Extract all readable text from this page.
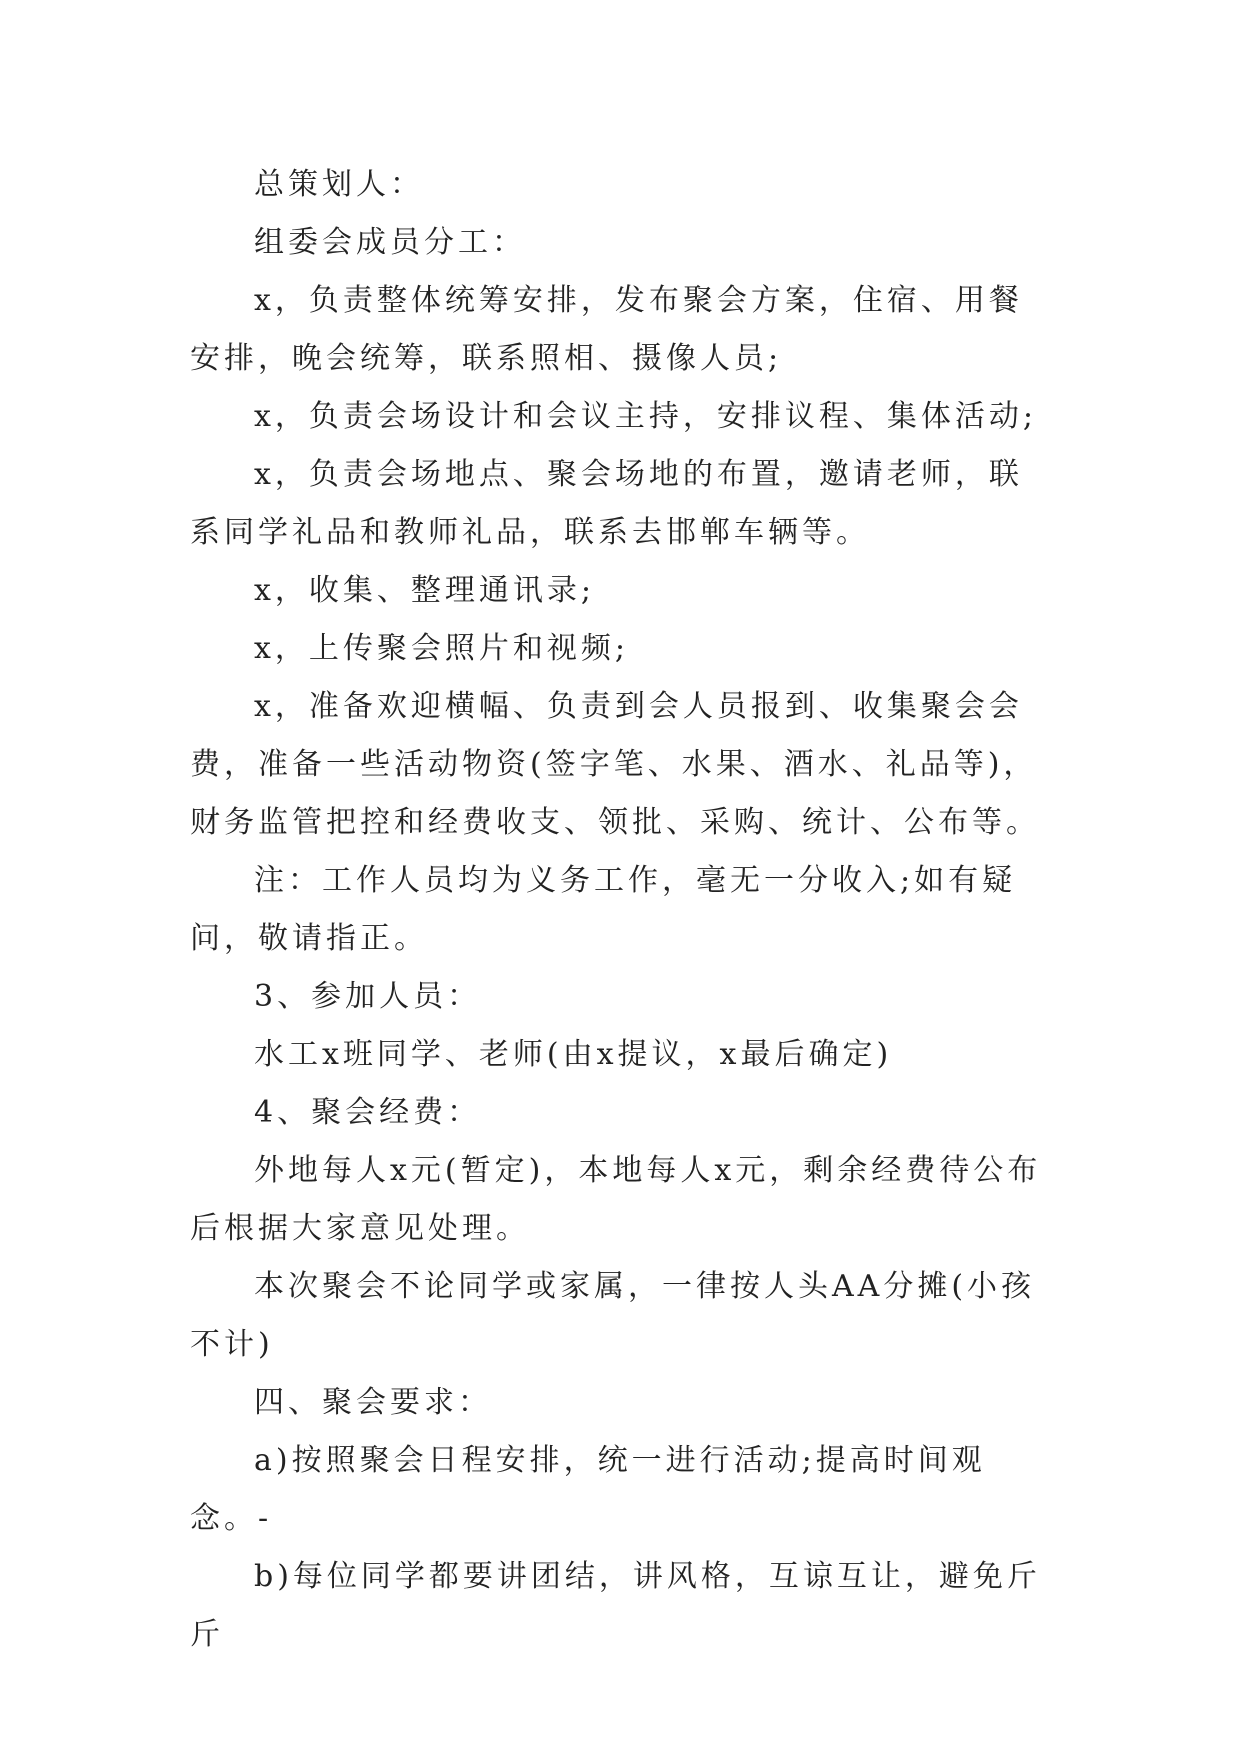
总策划人：

组委会成员分工：

x，负责整体统筹安排，发布聚会方案，住宿、用餐安排，晚会统筹，联系照相、摄像人员;

x，负责会场设计和会议主持，安排议程、集体活动;

x，负责会场地点、聚会场地的布置，邀请老师，联系同学礼品和教师礼品，联系去邯郸车辆等。

x，收集、整理通讯录;

x，上传聚会照片和视频;

x，准备欢迎横幅、负责到会人员报到、收集聚会会费，准备一些活动物资(签字笔、水果、酒水、礼品等)，财务监管把控和经费收支、领批、采购、统计、公布等。

注：工作人员均为义务工作，毫无一分收入;如有疑问，敬请指正。

3、参加人员：

水工x班同学、老师(由x提议，x最后确定)

4、聚会经费：

外地每人x元(暂定)，本地每人x元，剩余经费待公布后根据大家意见处理。

本次聚会不论同学或家属，一律按人头AA分摊(小孩不计)

四、聚会要求：

a)按照聚会日程安排，统一进行活动;提高时间观念。-

b)每位同学都要讲团结，讲风格，互谅互让，避免斤斤
